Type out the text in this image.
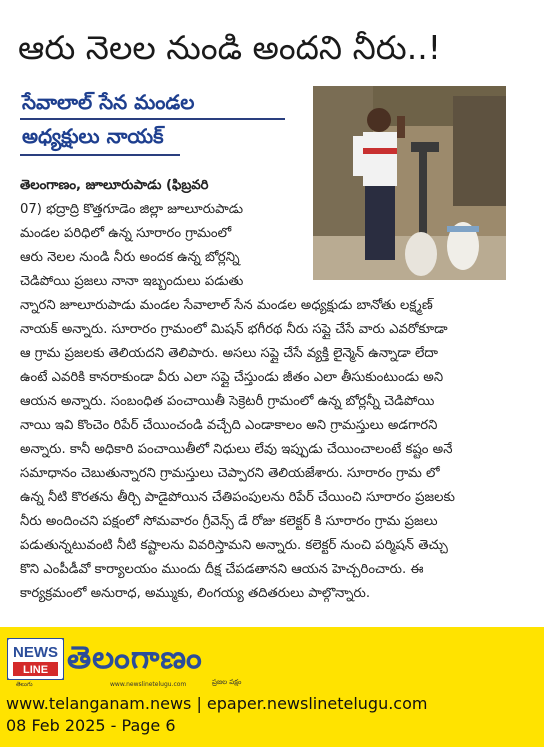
ఆరు నెలల నుండి అందని నీరు..!
సేవాలాల్ సేన మండల
అధ్యక్షులు నాయక్
తెలంగాణం, జూలూరుపాడు (ఫిబ్రవరి
07) భద్రాద్రి కొత్తగూడెం జిల్లా జూలూరుపాడు
మండల పరిధిలో ఉన్న సూరారం గ్రామంలో
ఆరు నెలల నుండి నీరు అందక ఉన్న బోర్లన్ని
చెడిపోయి ప్రజలు నానా ఇబ్బందులు పడుతు
న్నారని జూలూరుపాడు మండల సేవాలాల్ సేన మండల అధ్యక్షుడు బానోతు లక్ష్మణ్
నాయక్ అన్నారు. సూరారం గ్రామంలో మిషన్ భగీరథ నీరు సప్లై చేసే వారు ఎవరోకూడా
ఆ గ్రామ ప్రజలకు తెలియదని తెలిపారు. అసలు సప్లై చేసే వ్యక్తి లైన్మెన్ ఉన్నాడా లేదా
ఉంటే ఎవరికి కానరాకుండా వీరు ఎలా సప్లై చేస్తుండు జీతం ఎలా తీసుకుంటుండు అని
ఆయన అన్నారు. సంబంధిత పంచాయితీ సెక్రెటరీ గ్రామంలో ఉన్న బోర్లన్నీ చెడిపోయి
నాయి ఇవి కొంచెం రిపేర్ చేయించండి వచ్చేది ఎండాకాలం అని గ్రామస్తులు అడగారని
అన్నారు. కానీ అధికారి పంచాయితీలో నిధులు లేవు ఇప్పుడు చేయించాలంటే కష్టం అనే
సమాధానం చెబుతున్నారని గ్రామస్తులు చెప్పారని తెలియజేశారు. సూరారం గ్రామ లో
ఉన్న నీటి కొరతను తీర్చి పాడైపోయిన చేతిపంపులను రిపేర్ చేయించి సూరారం ప్రజలకు
నీరు అందించని పక్షంలో సోమవారం గ్రీవెన్స్ డే రోజు కలెక్టర్ కి సూరారం గ్రామ ప్రజలు
పడుతున్నటువంటి నీటి కష్టాలను వివరిస్తామని అన్నారు. కలెక్టర్ నుంచి పర్మిషన్ తెచ్చు
కొని ఎంపీడీవో కార్యాలయం ముందు దీక్ష చేపడతానని ఆయన హెచ్చరించారు. ఈ
కార్యక్రమంలో అనురాధ, అమ్ముకు, లింగయ్య తదితరులు పాల్గొన్నారు.
NEWS
LINE తెలంగాణం
తెలుగు	www.newslinetelugu.com	ప్రజల పక్షం
www.telanganam.news | epaper.newslinetelugu.com
08 Feb 2025 - Page 6
